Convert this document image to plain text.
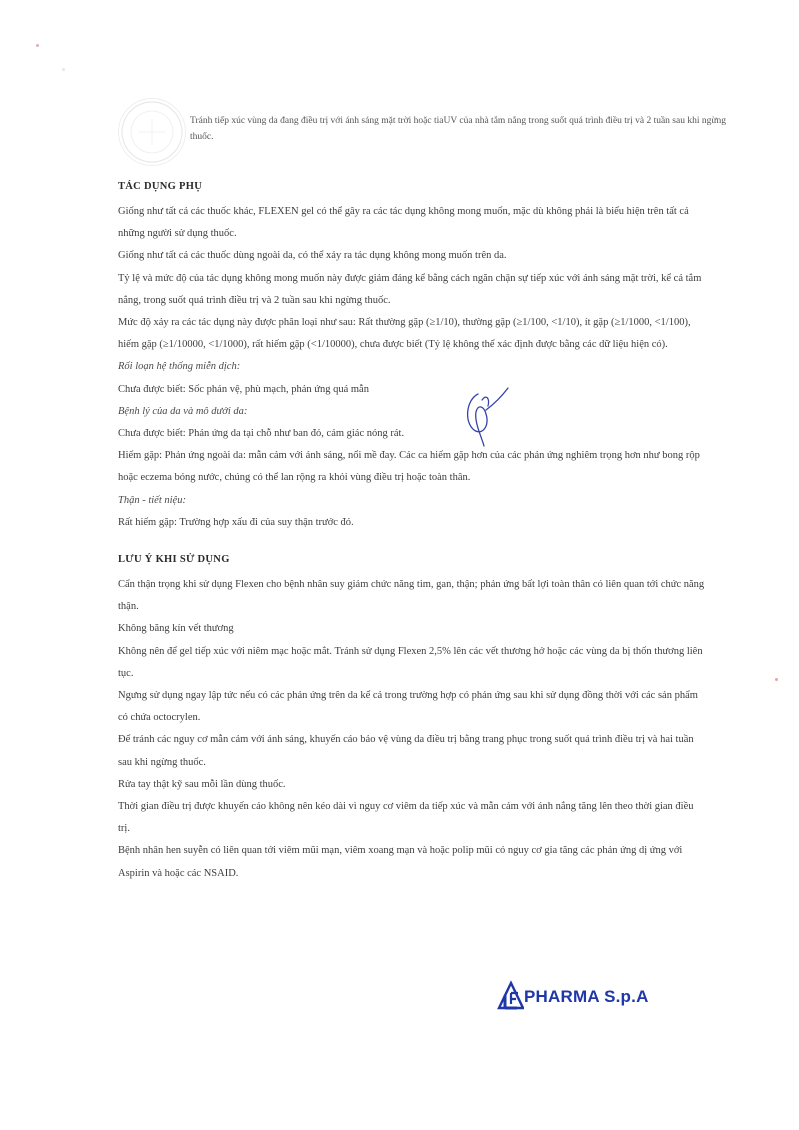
Tránh tiếp xúc vùng da đang điều trị với ánh sáng mặt trời hoặc tiaUV của nhà tắm nắng trong suốt quá trình điều trị và 2 tuần sau khi ngừng thuốc.
TÁC DỤNG PHỤ

Giống như tất cả các thuốc khác, FLEXEN gel có thể gây ra các tác dụng không mong muốn, mặc dù không phải là biểu hiện trên tất cả những người sử dụng thuốc.

Giống như tất cả các thuốc dùng ngoài da, có thể xảy ra tác dụng không mong muốn trên da.

Tỷ lệ và mức độ của tác dụng không mong muốn này được giảm đáng kể bằng cách ngăn chặn sự tiếp xúc với ánh sáng mặt trời, kể cả tắm nắng, trong suốt quá trình điều trị và 2 tuần sau khi ngừng thuốc.

Mức độ xảy ra các tác dụng này được phân loại như sau: Rất thường gặp (≥1/10), thường gặp (≥1/100, <1/10), ít gặp (≥1/1000, <1/100), hiếm gặp (≥1/10000, <1/1000), rất hiếm gặp (<1/10000), chưa được biết (Tỷ lệ không thể xác định được bằng các dữ liệu hiện có).

Rối loạn hệ thống miễn dịch:

Chưa được biết: Sốc phản vệ, phù mạch, phản ứng quá mẫn

Bệnh lý của da và mô dưới da:

Chưa được biết: Phản ứng da tại chỗ như ban đỏ, cảm giác nóng rát.

Hiếm gặp: Phản ứng ngoài da: mẫn cảm với ánh sáng, nổi mề đay. Các ca hiếm gặp hơn của các phản ứng nghiêm trọng hơn như bong rộp hoặc eczema bóng nước, chúng có thể lan rộng ra khỏi vùng điều trị hoặc toàn thân.

Thận - tiết niệu:

Rất hiếm gặp: Trường hợp xấu đi của suy thận trước đó.

LƯU Ý KHI SỬ DỤNG

Cẩn thận trọng khi sử dụng Flexen cho bệnh nhân suy giảm chức năng tim, gan, thận; phản ứng bất lợi toàn thân có liên quan tới chức năng thận.

Không băng kín vết thương

Không nên để gel tiếp xúc với niêm mạc hoặc mắt. Tránh sử dụng Flexen 2,5% lên các vết thương hở hoặc các vùng da bị thốn thương liên tục.

Ngưng sử dụng ngay lập tức nếu có các phản ứng trên da kể cả trong trường hợp có phản ứng sau khi sử dụng đồng thời với các sản phẩm có chứa octocrylen.

Để tránh các nguy cơ mẫn cảm với ánh sáng, khuyến cáo bảo vệ vùng da điều trị bằng trang phục trong suốt quá trình điều trị và hai tuần sau khi ngừng thuốc.

Rửa tay thật kỹ sau mỗi lần dùng thuốc.

Thời gian điều trị được khuyến cáo không nên kéo dài vì nguy cơ viêm da tiếp xúc và mẫn cảm với ánh nắng tăng lên theo thời gian điều trị.

Bệnh nhân hen suyễn có liên quan tới viêm mũi mạn, viêm xoang mạn và hoặc polip mũi có nguy cơ gia tăng các phản ứng dị ứng với Aspirin và hoặc các NSAID.

PHARMA S.p.A
